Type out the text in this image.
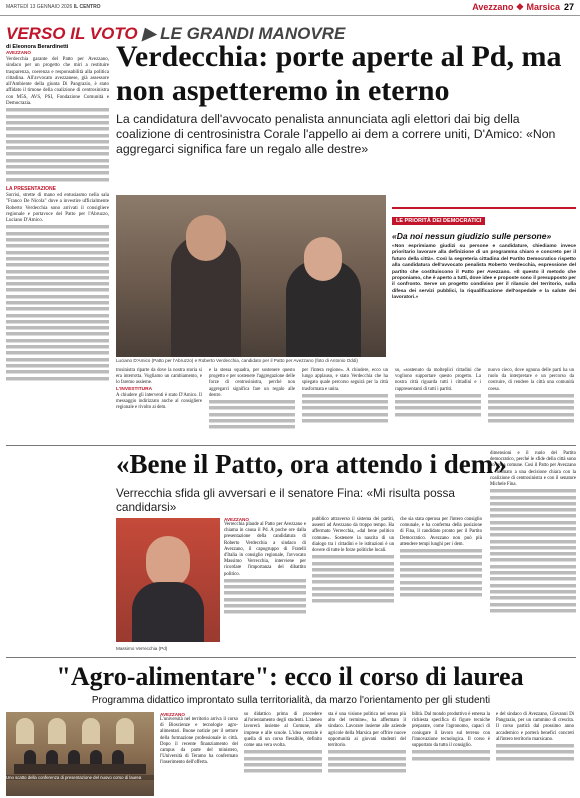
MARTEDÌ 13 GENNAIO 2026 IL CENTRO	Avezzano ❖ Marsica 27
VERSO IL VOTO ▶ LE GRANDI MANOVRE
di Eleonora Berardinetti
AVEZZANO
Verdecchia garante del Patto per Avezzano, sindaco per un progetto che miri a restituire trasparenza, coerenza e responsabilità alla politica cittadina. All'avvocato avezzanese, già assessore all'Ambiente della giunta Di Pangrazio, è stato affidato il timone della coalizione di centrosinistra con M5S, AVS, PSI, Fondazione Comunità e Democrazia.
LA PRESENTAZIONE
Sorrisi, strette di mano ed entusiasmo nella sala "Franco De Nicola" dove a investire ufficialmente Roberto Verdecchia sono arrivati il consigliere regionale e portavoce del Patto per l'Abruzzo, Luciano D'Amico.
Verdecchia: porte aperte al Pd, ma non aspetteremo in eterno
La candidatura dell'avvocato penalista annunciata agli elettori dai big della coalizione di centrosinistra Corale l'appello ai dem a correre uniti, D'Amico: «Non aggregarci significa fare un regalo alle destre»
Luciano D'Amico (Patto per l'Abruzzo) e Roberto Verdecchia, candidato per il Patto per Avezzano (foto di Antonio Oddi)
LE PRIORITÀ DEI DEMOCRATICI
«Da noi nessun giudizio sulle persone»
«Non esprimiamo giudizi su persone e candidature, chiediamo invece prioritario lavorare alla definizione di un programma chiaro e concreto per il futuro della città». Così la segreteria cittadina del Partito Democratico rispetto alla candidatura dell'avvocato penalista Roberto Verdecchia, espressione del partito che costituiscono il Patto per Avezzano. «È questo il metodo che proponiamo, che è aperto a tutti, dove idee e proposte sono il presupposto per il confronto. Serve un progetto condiviso per il rilancio del territorio, sulla difesa dei servizi pubblici, la riqualificazione dell'ospedale e la salute dei lavoratori.»
trosinistra riparte da dove la nostra storia si era interrotta. Vogliamo un cambiamento, e lo faremo assieme.
L'INVESTITURA
A chiudere gli interventi è stato D'Amico. Il messaggio indirizzato anche al consigliere regionale e rivolto ai dem.
e la stessa squadra, per sostenere questo progetto e per sostenere l'aggregazione delle forze di centrosinistra, perché non aggregarci significa fare un regalo alle destre.
per l'intera regione». A chiudere, ecco un lungo applauso, e stato Verdecchia che ha spiegato quale percorso seguirà per la città trasformata e unita.
so, «sostenuto da molteplici cittadini che vogliono supportare questo progetto. La nostra città riguarda tutti i cittadini e i rappresentanti di tutti i partiti.
nuovo cieco, dove ognuna delle parti ha un ruolo da interpretare e un percorso da costruire, di rendere la città una comunità coesa.
«Bene il Patto, ora attendo i dem»
Verrecchia sfida gli avversari e il senatore Fina: «Mi risulta possa candidarsi»
Massimo Verrecchia (Pd)
AVEZZANO
Verrecchia plaude al Patto per Avezzano e chiama in causa il Pd. A poche ore dalla presentazione della candidatura di Roberto Verdecchia a sindaco di Avezzano, il capogruppo di Fratelli d'Italia in consiglio regionale, l'avvocato Massimo Verrecchia, interviene per ricordare l'importanza del dibattito politico.
pubblico attraverso il sistema dei partiti, assenti ad Avezzano da troppo tempo. Ha affermato Verrecchia, «dal bene politico comune». Sostenere la nascita di un dialogo tra i cittadini e le istituzioni è un dovere di tutte le forze politiche locali.
che sia stata operosa per l'intero consiglio comunale, e ha conferma della posizione di Fina, il candidato pronto per il Partito Democratico. Avezzano non può più attendere tempi lunghi per i dem.
dimensioni e il ruolo del Partito democratico, perché le sfide della città sono un tema comune. Così il Patto per Avezzano è chiamato a una decisione chiara con la coalizione di centrosinistra e con il senatore Michele Fina.
"Agro-alimentare": ecco il corso di laurea
Programma didattico improntato sulla territorialità, da marzo l'orientamento per gli studenti
Uno scatto della conferenza di presentazione del nuovo corso di laurea
AVEZZANO
L'università nel territorio arriva il corso di Bioscienze e tecnologie agro-alimentari. Buone notizie per il settore della formazione professionale in città. Dopo il recente finanziamento del campus da parte del ministero, l'Università di Teramo ha confermato l'inserimento dell'offerta.
so didattico prima di procedere all'orientamento degli studenti. L'ateneo lavorerà insieme al Comune, alle imprese e alle scuole. L'idea centrale è quella di un corso flessibile, definito come una vera svolta.
sta è una visione politica nel senso più alto del termine», ha affermato il sindaco. Lavorare insieme alle aziende agricole della Marsica per offrire nuove opportunità ai giovani studenti del territorio.
bilità. Dal mondo produttivo è emersa la richiesta specifica di figure tecniche preparate, come l'agronomo, capaci di coniugare il lavoro sul terreno con l'innovazione tecnologica. Il corso è supportato da tutto il consiglio.
e del sindaco di Avezzano, Giovanni Di Pangrazio, per un cammino di crescita. Il corso partirà dal prossimo anno accademico e porterà benefici concreti all'intero territorio marsicano.
